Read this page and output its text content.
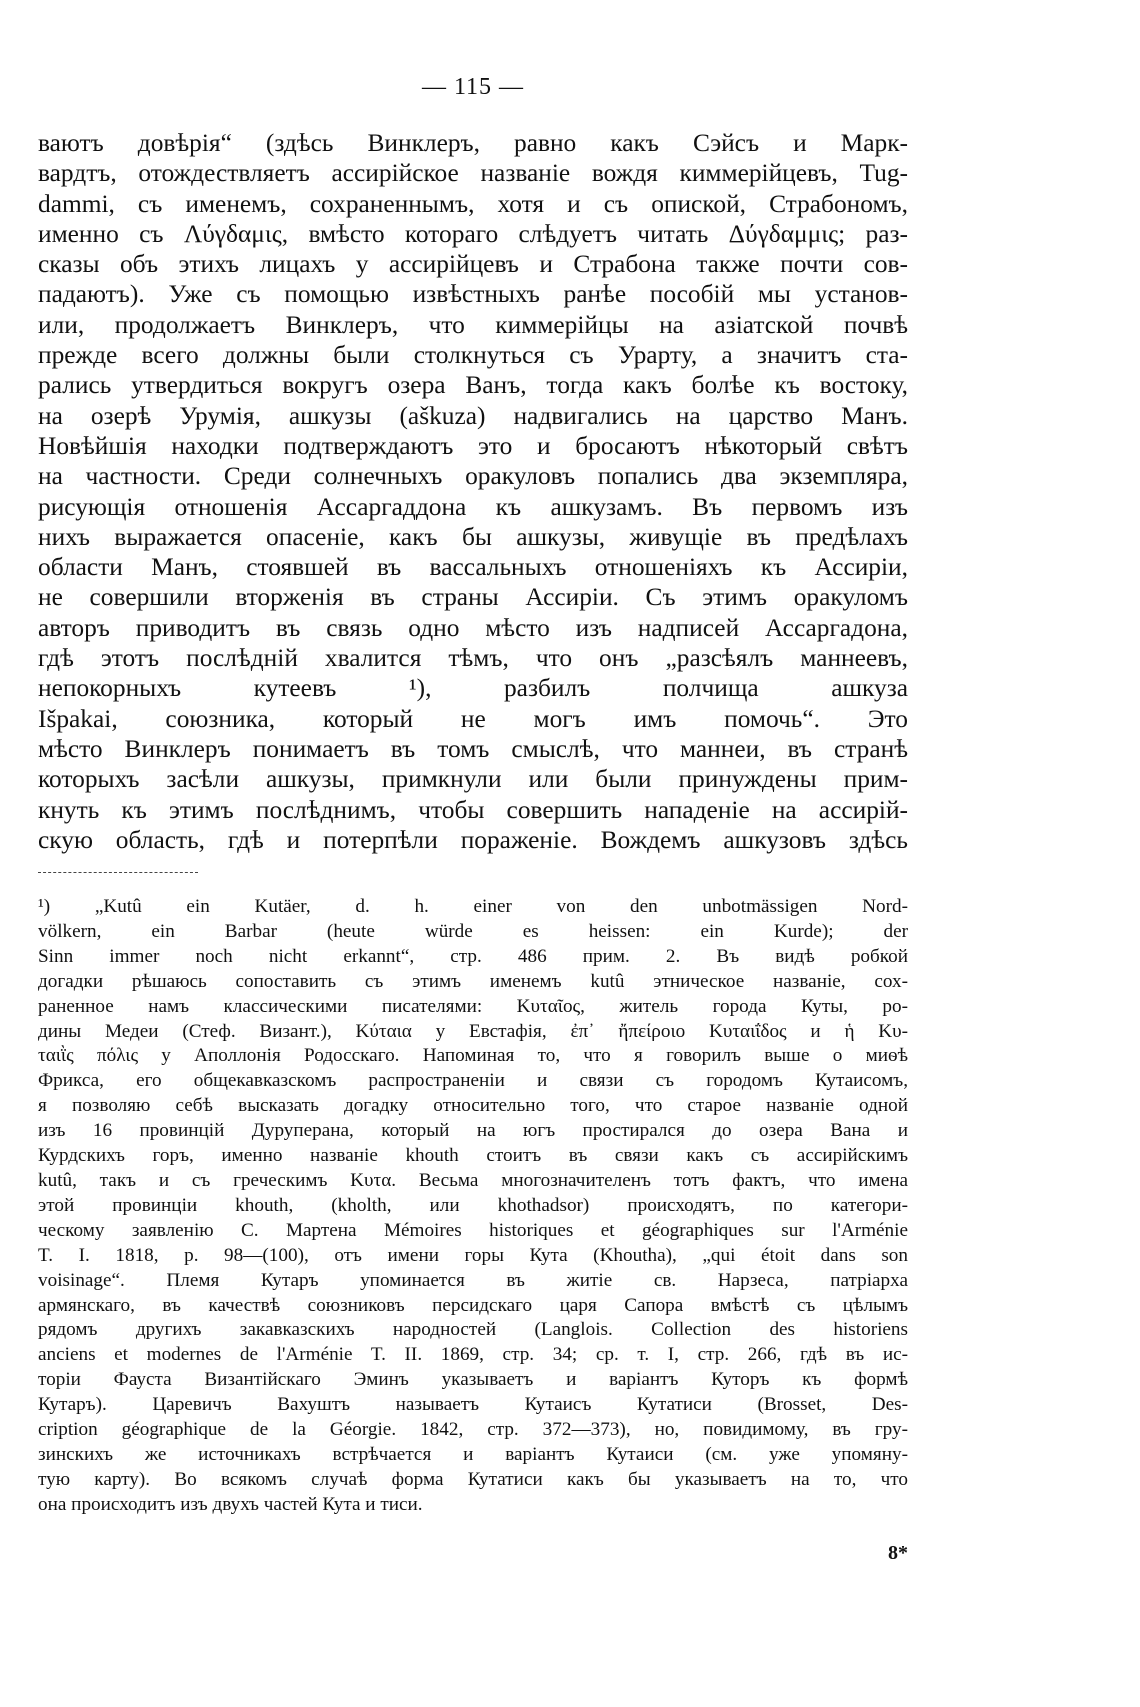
— 115 —

ваютъ довѣрія“ (здѣсь Винклеръ, равно какъ Сэйсъ и Марк-

вардтъ, отождествляетъ ассирійское названіе вождя киммерійцевъ, Tug-

dammi, съ именемъ, сохраненнымъ, хотя и съ опиской, Страбономъ,

именно съ Λύγδαμις, вмѣсто котораго слѣдуетъ читать Δύγδαμμις; раз-

сказы объ этихъ лицахъ у ассирійцевъ и Страбона также почти сов-

падаютъ). Уже съ помощью извѣстныхъ ранѣе пособій мы установ-

или, продолжаетъ Винклеръ, что киммерійцы на азіатской почвѣ

прежде всего должны были столкнуться съ Урарту, а значитъ ста-

рались утвердиться вокругъ озера Ванъ, тогда какъ болѣе къ востоку,

на озерѣ Урумія, ашкузы (aškuza) надвигались на царство Манъ.

Новѣйшія находки подтверждаютъ это и бросаютъ нѣкоторый свѣтъ

на частности. Среди солнечныхъ оракуловъ попались два экземпляра,

рисующія отношенія Ассаргаддона къ ашкузамъ. Въ первомъ изъ

нихъ выражается опасеніе, какъ бы ашкузы, живущіе въ предѣлахъ

области Манъ, стоявшей въ вассальныхъ отношеніяхъ къ Ассиріи,

не совершили вторженія въ страны Ассиріи. Съ этимъ оракуломъ

авторъ приводитъ въ связь одно мѣсто изъ надписей Ассаргадона,

гдѣ этотъ послѣдній хвалится тѣмъ, что онъ „разсѣялъ маннеевъ,

непокорныхъ кутеевъ ¹), разбилъ полчища ашкуза

Išpakai, союзника, который не могъ имъ помочь“. Это

мѣсто Винклеръ понимаетъ въ томъ смыслѣ, что маннеи, въ странѣ

которыхъ засѣли ашкузы, примкнули или были принуждены прим-

кнуть къ этимъ послѣднимъ, чтобы совершить нападеніе на ассирій-

скую область, гдѣ и потерпѣли пораженіе. Вождемъ ашкузовъ здѣсь

¹) „Kutû ein Kutäer, d. h. einer von den unbotmässigen Nord-

völkern, ein Barbar (heute würde es heissen: ein Kurde); der

Sinn immer noch nicht erkannt“, стр. 486 прим. 2. Въ видѣ робкой

догадки рѣшаюсь сопоставить съ этимъ именемъ kutû этническое названіе, сох-

раненное намъ классическими писателями: Κυταῖος, житель города Куты, ро-

дины Медеи (Стеф. Визант.), Κύταια у Евстафія, ἐπ᾽ ἤπείροιο Κυταιΐδος и ἡ Κυ-

ταιῒς πόλις у Аполлонія Родосскаго. Напоминая то, что я говорилъ выше о миѳѣ

Фрикса, его общекавказскомъ распространеніи и связи съ городомъ Кутаисомъ,

я позволяю себѣ высказать догадку относительно того, что старое названіе одной

изъ 16 провинцій Дуруперана, который на югъ простирался до озера Вана и

Курдскихъ горъ, именно названіе khouth стоитъ въ связи какъ съ ассирійскимъ

kutû, такъ и съ греческимъ Κυτα. Весьма многозначителенъ тотъ фактъ, что имена

этой провинціи khouth, (kholth, или khothadsor) происходятъ, по категори-

ческому заявленію C. Мартена Mémoires historiques et géographiques sur l'Arménie

T. I. 1818, p. 98—(100), отъ имени горы Кута (Khoutha), „qui étoit dans son

voisinage“. Племя Кутаръ упоминается въ житіе св. Нарзеса, патріарха

армянскаго, въ качествѣ союзниковъ персидскаго царя Сапора вмѣстѣ съ цѣлымъ

рядомъ другихъ закавказскихъ народностей (Langlois. Collection des historiens

anciens et modernes de l'Arménie T. II. 1869, стр. 34; ср. т. I, стр. 266, гдѣ въ ис-

торіи Фауста Византійскаго Эминъ указываетъ и варіантъ Куторъ къ формѣ

Кутаръ). Царевичъ Вахуштъ называетъ Кутаисъ Кутатиси (Brosset, Des-

cription géographique de la Géorgie. 1842, стр. 372—373), но, повидимому, въ гру-

зинскихъ же источникахъ встрѣчается и варіантъ Кутаиси (см. уже упомяну-

тую карту). Во всякомъ случаѣ форма Кутатиси какъ бы указываетъ на то, что

она происходитъ изъ двухъ частей Кута и тиси.

8*
